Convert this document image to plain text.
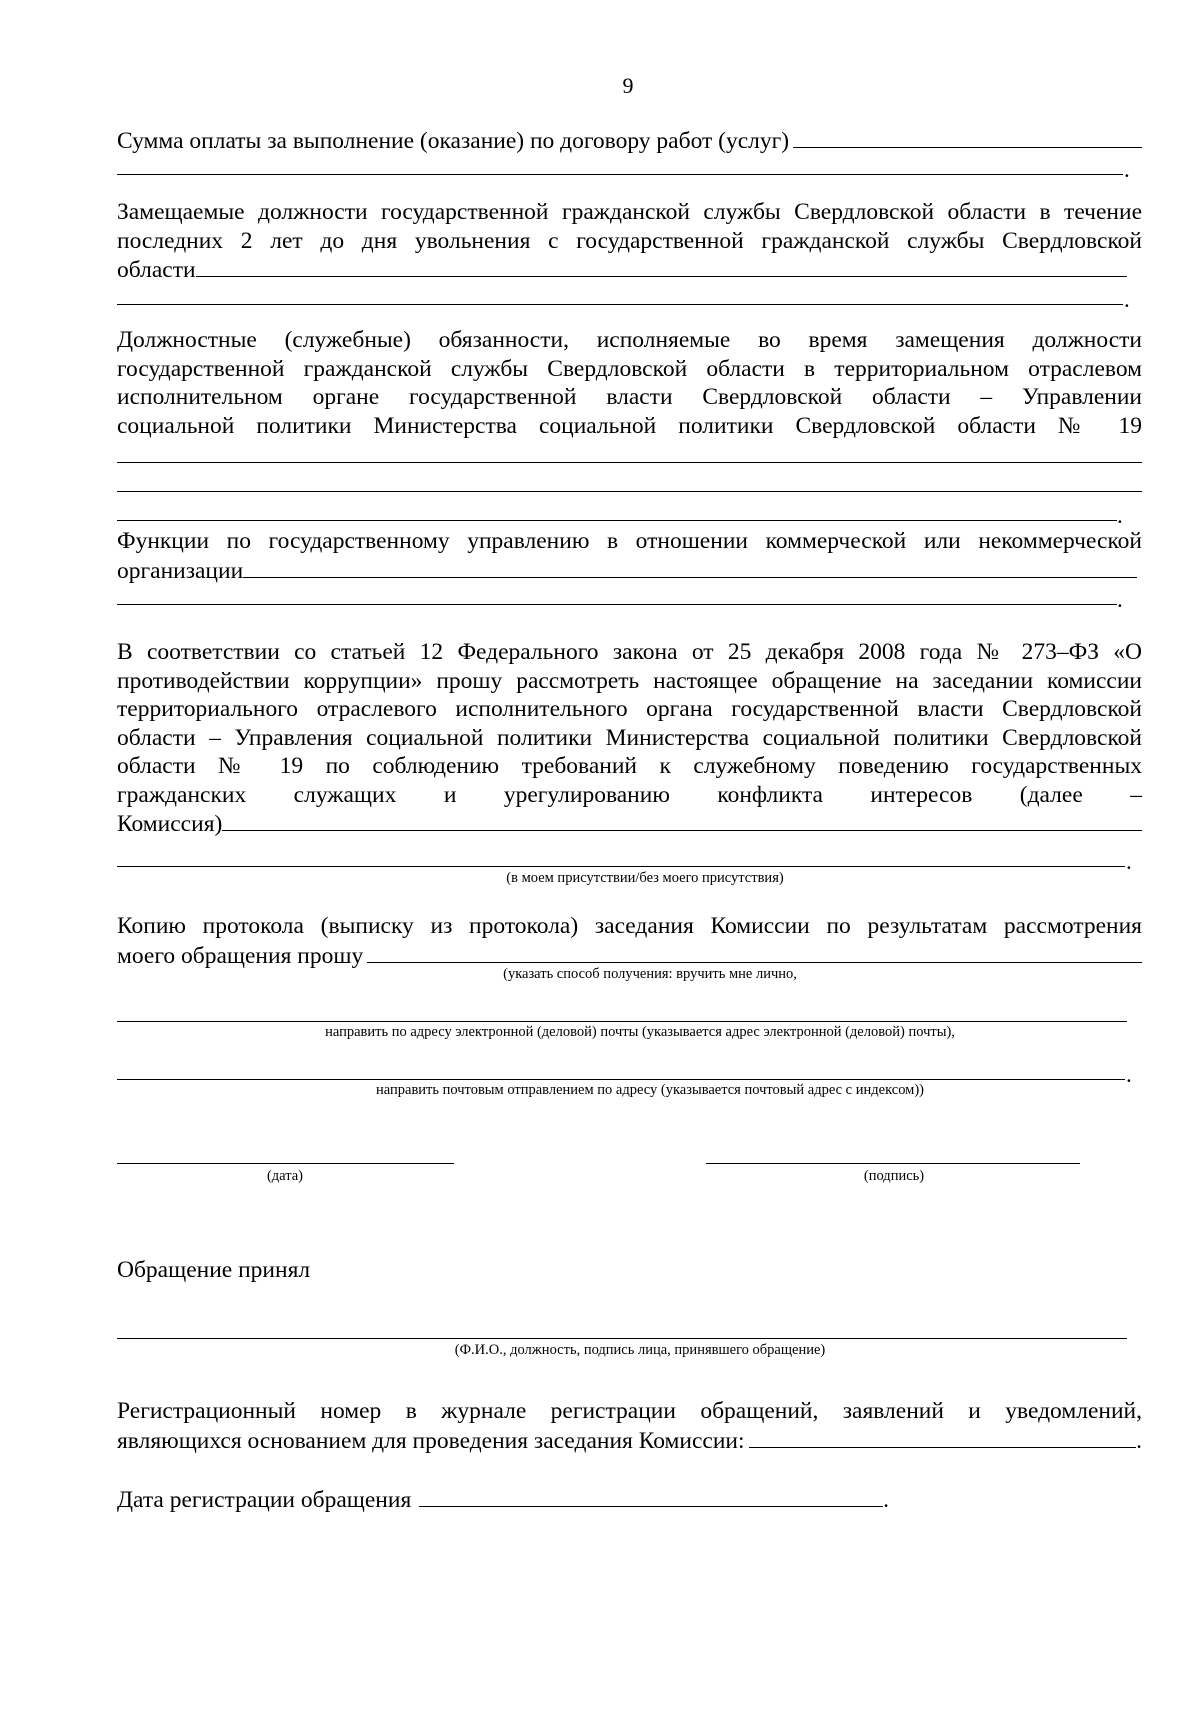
9
Сумма оплаты за выполнение (оказание) по договору работ (услуг)
.

Замещаемые должности государственной гражданской службы Свердловской области в течение

последних 2 лет до дня увольнения с государственной гражданской службы Свердловской

области
.

Должностные (служебные) обязанности, исполняемые во время замещения должности

государственной гражданской службы Свердловской области в территориальном отраслевом

исполнительном органе государственной власти Свердловской области – Управлении

социальной политики Министерства социальной политики Свердловской области № 19

.

Функции по государственному управлению в отношении коммерческой или некоммерческой

организации
.

В соответствии со статьей 12 Федерального закона от 25 декабря 2008 года № 273–ФЗ «О

противодействии коррупции» прошу рассмотреть настоящее обращение на заседании комиссии

территориального отраслевого исполнительного органа государственной власти Свердловской

области – Управления социальной политики Министерства социальной политики Свердловской

области № 19 по соблюдению требований к служебному поведению государственных

гражданских служащих и урегулированию конфликта интересов (далее –

Комиссия)
.
(в моем присутствии/без моего присутствия)

Копию протокола (выписку из протокола) заседания Комиссии по результатам рассмотрения

моего обращения прошу
(указать способ получения: вручить мне лично,
направить по адресу электронной (деловой) почты (указывается адрес электронной (деловой) почты),
.
направить почтовым отправлением по адресу (указывается почтовый адрес с индексом))
(дата)	(подпись)
Обращение принял
(Ф.И.О., должность, подпись лица, принявшего обращение)

Регистрационный номер в журнале регистрации обращений, заявлений и уведомлений,

являющихся основанием для проведения заседания Комиссии:	.
Дата регистрации обращения	.
